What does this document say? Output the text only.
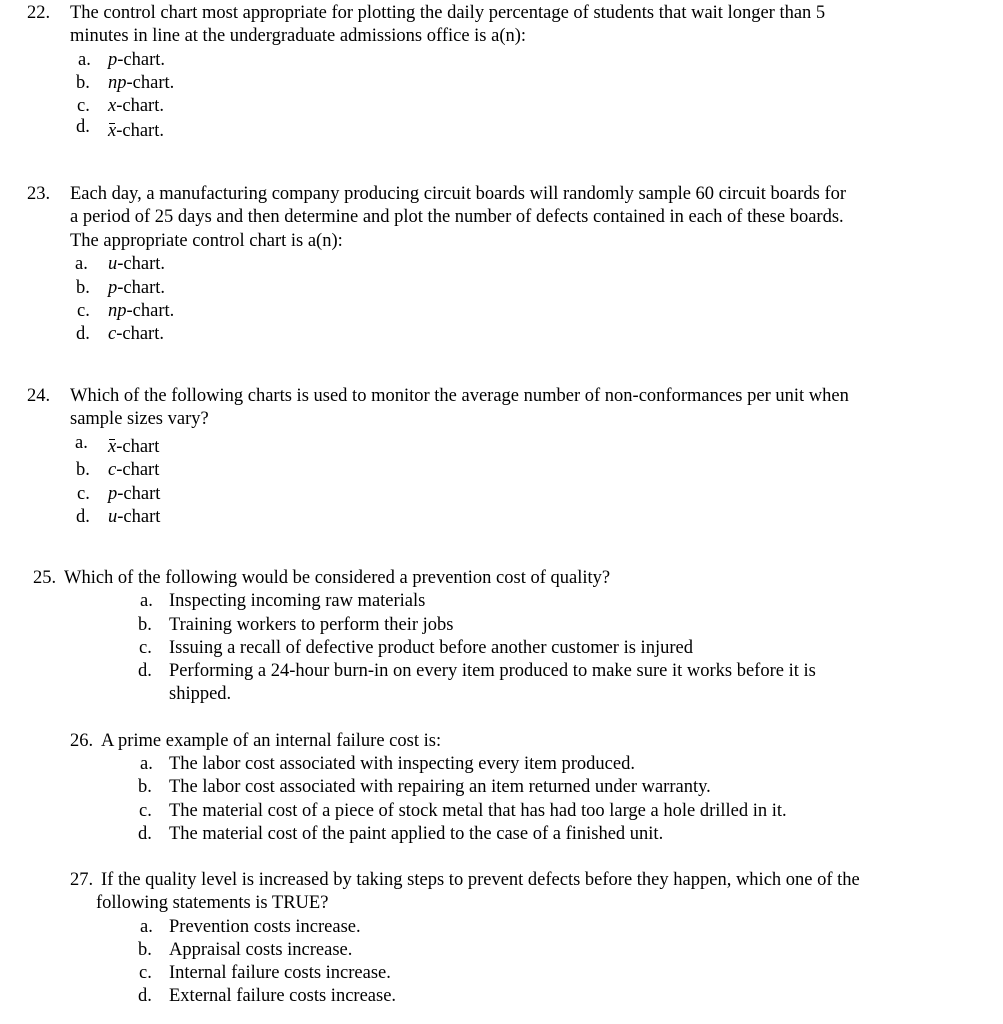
22. The control chart most appropriate for plotting the daily percentage of students that wait longer than 5
minutes in line at the undergraduate admissions office is a(n):
a. p-chart.
b. np-chart.
c. x-chart.
d. x-chart.
23. Each day, a manufacturing company producing circuit boards will randomly sample 60 circuit boards for
a period of 25 days and then determine and plot the number of defects contained in each of these boards.
The appropriate control chart is a(n):
a. u-chart.
b. p-chart.
c. np-chart.
d. c-chart.
24. Which of the following charts is used to monitor the average number of non-conformances per unit when
sample sizes vary?
a. x-chart
b. c-chart
c. p-chart
d. u-chart
25. Which of the following would be considered a prevention cost of quality?
a. Inspecting incoming raw materials
b. Training workers to perform their jobs
c. Issuing a recall of defective product before another customer is injured
d. Performing a 24-hour burn-in on every item produced to make sure it works before it is
shipped.
26. A prime example of an internal failure cost is:
a. The labor cost associated with inspecting every item produced.
b. The labor cost associated with repairing an item returned under warranty.
c. The material cost of a piece of stock metal that has had too large a hole drilled in it.
d. The material cost of the paint applied to the case of a finished unit.
27. If the quality level is increased by taking steps to prevent defects before they happen, which one of the
following statements is TRUE?
a. Prevention costs increase.
b. Appraisal costs increase.
c. Internal failure costs increase.
d. External failure costs increase.
